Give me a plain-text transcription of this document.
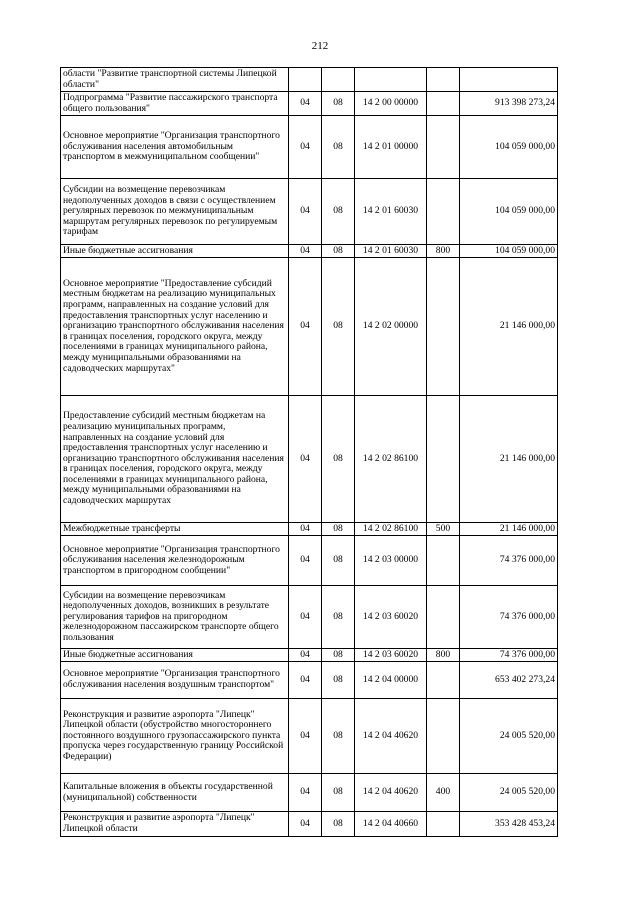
212
области "Развитие транспортной системы Липецкой области"					
Подпрограмма "Развитие пассажирского транспорта общего пользования"	04	08	14 2 00 00000		913 398 273,24
Основное мероприятие "Организация транспортного обслуживания населения автомобильным транспортом в межмуниципальном сообщении"	04	08	14 2 01 00000		104 059 000,00
Субсидии на возмещение перевозчикам недополученных доходов в связи с осуществлением регулярных перевозок по межмуниципальным маршрутам регулярных перевозок по регулируемым тарифам	04	08	14 2 01 60030		104 059 000,00
Иные бюджетные ассигнования	04	08	14 2 01 60030	800	104 059 000,00
Основное мероприятие "Предоставление субсидий местным бюджетам на реализацию муниципальных программ, направленных на создание условий для предоставления транспортных услуг населению и организацию транспортного обслуживания населения в границах поселения, городского округа, между поселениями в границах муниципального района, между муниципальными образованиями на садоводческих маршрутах"	04	08	14 2 02 00000		21 146 000,00
Предоставление субсидий местным бюджетам на реализацию муниципальных программ, направленных на создание условий для предоставления транспортных услуг населению и организацию транспортного обслуживания населения в границах поселения, городского округа, между поселениями в границах муниципального района, между муниципальными образованиями на садоводческих маршрутах	04	08	14 2 02 86100		21 146 000,00
Межбюджетные трансферты	04	08	14 2 02 86100	500	21 146 000,00
Основное мероприятие "Организация транспортного обслуживания населения железнодорожным транспортом в пригородном сообщении"	04	08	14 2 03 00000		74 376 000,00
Субсидии на возмещение перевозчикам недополученных доходов, возникших в результате регулирования тарифов на пригородном железнодорожном пассажирском транспорте общего пользования	04	08	14 2 03 60020		74 376 000,00
Иные бюджетные ассигнования	04	08	14 2 03 60020	800	74 376 000,00
Основное мероприятие "Организация транспортного обслуживания населения воздушным транспортом"	04	08	14 2 04 00000		653 402 273,24
Реконструкция и развитие аэропорта "Липецк" Липецкой области (обустройство многостороннего постоянного воздушного грузопассажирского пункта пропуска через государственную границу Российской Федерации)	04	08	14 2 04 40620		24 005 520,00
Капитальные вложения в объекты государственной (муниципальной) собственности	04	08	14 2 04 40620	400	24 005 520,00
Реконструкция и развитие аэропорта "Липецк" Липецкой области	04	08	14 2 04 40660		353 428 453,24
